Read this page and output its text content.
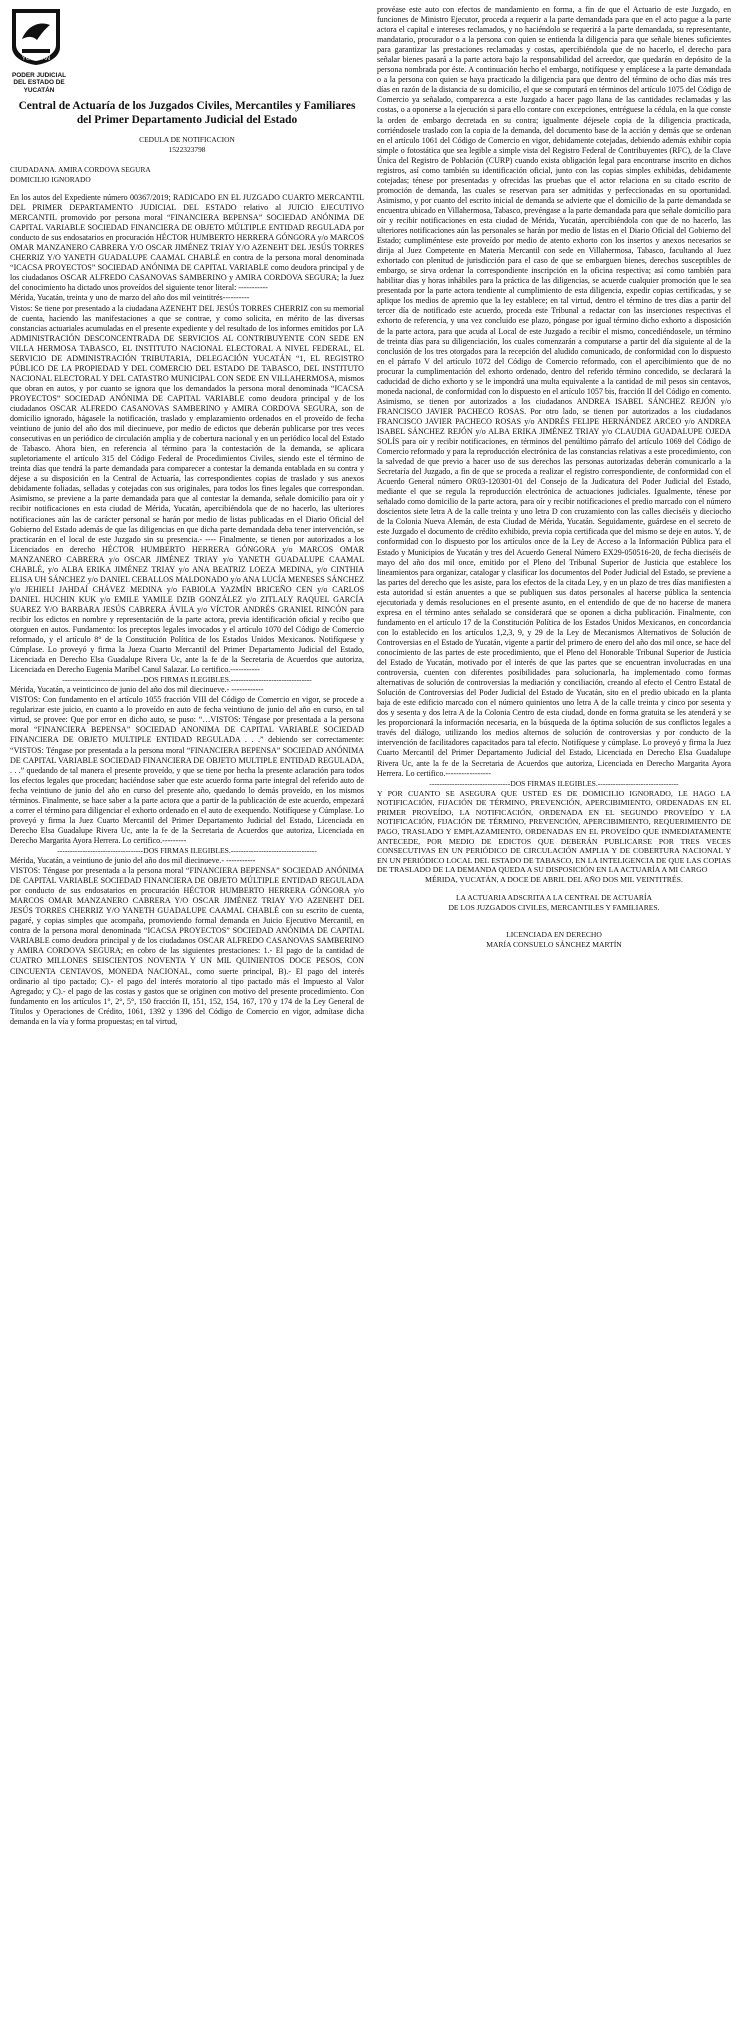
YUCATÁN
PODER JUDICIAL
DEL ESTADO DE
YUCATÁN
Central de Actuaría de los Juzgados Civiles, Mercantiles y Familiares del Primer Departamento Judicial del Estado
CEDULA DE NOTIFICACION
1522323798
CIUDADANA. AMIRA CORDOVA SEGURA
DOMICILIO IGNORADO

En los autos del Expediente número 00367/2019; RADICADO EN EL JUZGADO CUARTO MERCANTIL DEL PRIMER DEPARTAMENTO JUDICIAL DEL ESTADO relativo al JUICIO EJECUTIVO MERCANTIL promovido por persona moral “FINANCIERA BEPENSA” SOCIEDAD ANÓNIMA DE CAPITAL VARIABLE SOCIEDAD FINANCIERA DE OBJETO MÚLTIPLE ENTIDAD REGULADA por conducto de sus endosatarios en procuración HÉCTOR HUMBERTO HERRERA GÓNGORA y/o MARCOS OMAR MANZANERO CABRERA Y/O OSCAR JIMÉNEZ TRIAY Y/O AZENEHT DEL JESÚS TORRES CHERRIZ Y/O YANETH GUADALUPE CAAMAL CHABLÉ en contra de la persona moral denominada “ICACSA PROYECTOS” SOCIEDAD ANÓNIMA DE CAPITAL VARIABLE como deudora principal y de los ciudadanos OSCAR ALFREDO CASANOVAS SAMBERINO y AMIRA CORDOVA SEGURA; la Juez del conocimiento ha dictado unos proveídos del siguiente tenor literal: -----------

Mérida, Yucatán, treinta y uno de marzo del año dos mil veintitrés----------

Vistos: Se tiene por presentado a la ciudadana AZENEHT DEL JESÚS TORRES CHERRIZ con su memorial de cuenta, haciendo las manifestaciones a que se contrae, y como solicita, en mérito de las diversas constancias actuariales acumuladas en el presente expediente y del resultado de los informes emitidos por LA ADMINISTRACIÓN DESCONCENTRADA DE SERVICIOS AL CONTRIBUYENTE CON SEDE EN VILLA HERMOSA TABASCO, EL INSTITUTO NACIONAL ELECTORAL A NIVEL FEDERAL, EL SERVICIO DE ADMINISTRACIÓN TRIBUTARIA, DELEGACIÓN YUCATÁN “1, EL REGISTRO PÚBLICO DE LA PROPIEDAD Y DEL COMERCIO DEL ESTADO DE TABASCO, DEL INSTITUTO NACIONAL ELECTORAL Y DEL CATASTRO MUNICIPAL CON SEDE EN VILLAHERMOSA, mismos que obran en autos, y por cuanto se ignora que los demandados la persona moral denominada “ICACSA PROYECTOS” SOCIEDAD ANÓNIMA DE CAPITAL VARIABLE como deudora principal y de los ciudadanos OSCAR ALFREDO CASANOVAS SAMBERINO y AMIRA CORDOVA SEGURA, son de domicilio ignorado, hágasele la notificación, traslado y emplazamiento ordenados en el proveído de fecha veintiuno de junio del año dos mil diecinueve, por medio de edictos que deberán publicarse por tres veces consecutivas en un periódico de circulación amplia y de cobertura nacional y en un periódico local del Estado de Tabasco. Ahora bien, en referencia al término para la contestación de la demanda, se aplicara supletoriamente el artículo 315 del Código Federal de Procedimientos Civiles, siendo este el término de treinta días que tendrá la parte demandada para comparecer a contestar la demanda entablada en su contra y déjese a su disposición en la Central de Actuaría, las correspondientes copias de traslado y sus anexos debidamente foliadas, selladas y cotejadas con sus originales, para todos los fines legales que correspondan. Asimismo, se previene a la parte demandada para que al contestar la demanda, señale domicilio para oír y recibir notificaciones en esta ciudad de Mérida, Yucatán, apercibiéndola que de no hacerlo, las ulteriores notificaciones aún las de carácter personal se harán por medio de listas publicadas en el Diario Oficial del Gobierno del Estado además de que las diligencias en que dicha parte demandada deba tener intervención, se practicarán en el local de este Juzgado sin su presencia.- ---- Finalmente, se tienen por autorizados a los Licenciados en derecho HÉCTOR HUMBERTO HERRERA GÓNGORA y/o MARCOS OMAR MANZANERO CABRERA y/o OSCAR JIMÉNEZ TRIAY y/o YANETH GUADALUPE CAAMAL CHABLÉ, y/o ALBA ERIKA JIMÉNEZ TRIAY y/o ANA BEATRIZ LOEZA MEDINA, y/o CINTHIA ELISA UH SÁNCHEZ y/o DANIEL CEBALLOS MALDONADO y/o ANA LUCÍA MENESES SÁNCHEZ y/o JEHIELI JAHDAÍ CHÁVEZ MEDINA y/o FABIOLA YAZMÍN BRICEÑO CEN y/o CARLOS DANIEL HUCHIN KUK y/o EMILE YAMILE DZIB GONZÁLEZ y/o ZITLALY RAQUEL GARCÍA SUAREZ Y/O BARBARA JESÚS CABRERA ÁVILA y/o VÍCTOR ANDRÉS GRANIEL RINCÓN para recibir los edictos en nombre y representación de la parte actora, previa identificación oficial y recibo que otorguen en autos. Fundamento: los preceptos legales invocados y el artículo 1070 del Código de Comercio reformado, y el artículo 8° de la Constitución Política de los Estados Unidos Mexicanos. Notifíquese y Cúmplase. Lo proveyó y firma la Jueza Cuarto Mercantil del Primer Departamento Judicial del Estado, Licenciada en Derecho Elsa Guadalupe Rivera Uc, ante la fe de la Secretaria de Acuerdos que autoriza, Licenciada en Derecho Eugenia Maribel Canul Salazar. Lo certifico.-----------

--------------------------------DOS FIRMAS ILEGIBLES.--------------------------------

Mérida, Yucatán, a veinticinco de junio del año dos mil diecinueve.- ------------

VISTOS: Con fundamento en el artículo 1055 fracción VIII del Código de Comercio en vigor, se procede a regularizar este juicio, en cuanto a lo proveído en auto de fecha veintiuno de junio del año en curso, en tal virtud, se provee: Que por error en dicho auto, se puso: “…VISTOS: Téngase por presentada a la persona moral “FINANCIERA BEPENSA” SOCIEDAD ANONIMA DE CAPITAL VARIABLE SOCIEDAD FINANCIERA DE OBJETO MULTIPLE ENTIDAD REGULADA . . .” debiendo ser correctamente: “VISTOS: Téngase por presentada a la persona moral “FINANCIERA BEPENSA” SOCIEDAD ANÓNIMA DE CAPITAL VARIABLE SOCIEDAD FINANCIERA DE OBJETO MULTIPLE ENTIDAD REGULADA, . . .” quedando de tal manera el presente proveído, y que se tiene por hecha la presente aclaración para todos los efectos legales que procedan; haciéndose saber que este acuerdo forma parte integral del referido auto de fecha veintiuno de junio del año en curso del presente año, quedando lo demás proveído, en los mismos términos. Finalmente, se hace saber a la parte actora que a partir de la publicación de este acuerdo, empezará a correr el término para diligenciar el exhorto ordenado en el auto de exequendo. Notifíquese y Cúmplase. Lo proveyó y firma la Juez Cuarto Mercantil del Primer Departamento Judicial del Estado, Licenciada en Derecho Elsa Guadalupe Rivera Uc, ante la fe de la Secretaria de Acuerdos que autoriza, Licenciada en Derecho Margarita Ayora Herrera. Lo certifico.---------

----------------------------------DOS FIRMAS ILEGIBLES.----------------------------------

Mérida, Yucatán, a veintiuno de junio del año dos mil diecinueve.- -----------

VISTOS: Téngase por presentada a la persona moral “FINANCIERA BEPENSA” SOCIEDAD ANÓNIMA DE CAPITAL VARIABLE SOCIEDAD FINANCIERA DE OBJETO MÚLTIPLE ENTIDAD REGULADA por conducto de sus endosatarios en procuración HÉCTOR HUMBERTO HERRERA GÓNGORA y/o MARCOS OMAR MANZANERO CABRERA Y/O OSCAR JIMÉNEZ TRIAY Y/O AZENEHT DEL JESÚS TORRES CHERRIZ Y/O YANETH GUADALUPE CAAMAL CHABLÉ con su escrito de cuenta, pagaré, y copias simples que acompaña, promoviendo formal demanda en Juicio Ejecutivo Mercantil, en contra de la persona moral denominada “ICACSA PROYECTOS” SOCIEDAD ANÓNIMA DE CAPITAL VARIABLE como deudora principal y de los ciudadanos OSCAR ALFREDO CASANOVAS SAMBERINO y AMIRA CORDOVA SEGURA; en cobro de las siguientes prestaciones: 1.- El pago de la cantidad de CUATRO MILLONES SEISCIENTOS NOVENTA Y UN MIL QUINIENTOS DOCE PESOS, CON CINCUENTA CENTAVOS, MONEDA NACIONAL, como suerte principal, B).- El pago del interés ordinario al tipo pactado; C).- el pago del interés moratorio al tipo pactado más el Impuesto al Valor Agregado; y C).- el pago de las costas y gastos que se originen con motivo del presente procedimiento. Con fundamento en los artículos 1°, 2°, 5°, 150 fracción II, 151, 152, 154, 167, 170 y 174 de la Ley General de Títulos y Operaciones de Crédito, 1061, 1392 y 1396 del Código de Comercio en vigor, admítase dicha demanda en la vía y forma propuestas; en tal virtud,

provéase este auto con efectos de mandamiento en forma, a fin de que el Actuario de este Juzgado, en funciones de Ministro Ejecutor, proceda a requerir a la parte demandada para que en el acto pague a la parte actora el capital e intereses reclamados, y no haciéndolo se requerirá a la parte demandada, su representante, mandatario, procurador o a la persona con quien se entienda la diligencia para que señale bienes suficientes para garantizar las prestaciones reclamadas y costas, apercibiéndola que de no hacerlo, el derecho para señalar bienes pasará a la parte actora bajo la responsabilidad del acreedor, que quedarán en depósito de la persona nombrada por éste. A continuación hecho el embargo, notifíquese y emplácese a la parte demandada o a la persona con quien se haya practicado la diligencia para que dentro del término de ocho días más tres días en razón de la distancia de su domicilio, el que se computará en términos del artículo 1075 del Código de Comercio ya señalado, comparezca a este Juzgado a hacer pago llana de las cantidades reclamadas y las costas, o a oponerse a la ejecución si para ello contare con excepciones, entréguese la cédula, en la que conste la orden de embargo decretada en su contra; igualmente déjesele copia de la diligencia practicada, corriéndosele traslado con la copia de la demanda, del documento base de la acción y demás que se ordenan en el artículo 1061 del Código de Comercio en vigor, debidamente cotejadas, debiendo además exhibir copia simple o fotostática que sea legible a simple vista del Registro Federal de Contribuyentes (RFC), de la Clave Única del Registro de Población (CURP) cuando exista obligación legal para encontrarse inscrito en dichos registros, así como también su identificación oficial, junto con las copias simples exhibidas, debidamente cotejadas; ténese por presentadas y ofrecidas las pruebas que el actor relaciona en su citado escrito de promoción de demanda, las cuales se reservan para ser admitidas y perfeccionadas en su oportunidad. Asimismo, y por cuanto del escrito inicial de demanda se advierte que el domicilio de la parte demandada se encuentra ubicado en Villahermosa, Tabasco, prevéngase a la parte demandada para que señale domicilio para oír y recibir notificaciones en esta ciudad de Mérida, Yucatán, apercibiéndola con que de no hacerlo, las ulteriores notificaciones aún las personales se harán por medio de listas en el Diario Oficial del Gobierno del Estado; cumpliméntese este proveído por medio de atento exhorto con los insertos y anexos necesarios se dirija al Juez Competente en Materia Mercantil con sede en Villahermosa, Tabasco, facultando al Juez exhortado con plenitud de jurisdicción para el caso de que se embarguen bienes, derechos susceptibles de embargo, se sirva ordenar la correspondiente inscripción en la oficina respectiva; así como también para habilitar días y horas inhábiles para la práctica de las diligencias, se acuerde cualquier promoción que le sea presentada por la parte actora tendiente al cumplimiento de esta diligencia, expedir copias certificadas, y se aplique los medios de apremio que la ley establece; en tal virtud, dentro el término de tres días a partir del tercer día de notificado este acuerdo, proceda este Tribunal a redactar con las inserciones respectivas el exhorto de referencia, y una vez concluido ese plazo, póngase por igual término dicho exhorto a disposición de la parte actora, para que acuda al Local de este Juzgado a recibir el mismo, concediéndosele, un término de treinta días para su diligenciación, los cuales comenzarán a computarse a partir del día siguiente al de la conclusión de los tres otorgados para la recepción del aludido comunicado, de conformidad con lo dispuesto en el párrafo V del artículo 1072 del Código de Comercio reformado, con el apercibimiento que de no procurar la cumplimentación del exhorto ordenado, dentro del referido término concedido, se declarará la caducidad de dicho exhorto y se le impondrá una multa equivalente a la cantidad de mil pesos sin centavos, moneda nacional, de conformidad con lo dispuesto en el artículo 1057 bis, fracción II del Código en comento. Asimismo, se tienen por autorizados a los ciudadanos ANDREA ISABEL SÁNCHEZ REJÓN y/o FRANCISCO JAVIER PACHECO ROSAS. Por otro lado, se tienen por autorizados a los ciudadanos FRANCISCO JAVIER PACHECO ROSAS y/o ANDRÉS FELIPE HERNÁNDEZ ARCEO y/o ANDREA ISABEL SÁNCHEZ REJÓN y/o ALBA ERIKA JIMÉNEZ TRIAY y/o CLAUDIA GUADALUPE OJEDA SOLÍS para oír y recibir notificaciones, en términos del penúltimo párrafo del artículo 1069 del Código de Comercio reformado y para la reproducción electrónica de las constancias relativas a este procedimiento, con la salvedad de que previo a hacer uso de sus derechos las personas autorizadas deberán comunicarlo a la Secretaría del Juzgado, a fin de que se proceda a realizar el registro correspondiente, de conformidad con el Acuerdo General número OR03-120301-01 del Consejo de la Judicatura del Poder Judicial del Estado, mediante el que se regula la reproducción electrónica de actuaciones judiciales. Igualmente, ténese por señalado como domicilio de la parte actora, para oír y recibir notificaciones el predio marcado con el número doscientos siete letra A de la calle treinta y uno letra D con cruzamiento con las calles dieciséis y dieciocho de la Colonia Nueva Alemán, de esta Ciudad de Mérida, Yucatán. Seguidamente, guárdese en el secreto de este Juzgado el documento de crédito exhibido, previa copia certificada que del mismo se deje en autos. Y, de conformidad con lo dispuesto por los artículos once de la Ley de Acceso a la Información Pública para el Estado y Municipios de Yucatán y tres del Acuerdo General Número EX29-050516-20, de fecha dieciséis de mayo del año dos mil once, emitido por el Pleno del Tribunal Superior de Justicia que establece los lineamientos para organizar, catalogar y clasificar los documentos del Poder Judicial del Estado, se previene a las partes del derecho que les asiste, para los efectos de la citada Ley, y en un plazo de tres días manifiesten a esta autoridad sí están anuentes a que se publiquen sus datos personales al hacerse pública la sentencia ejecutoriada y demás resoluciones en el presente asunto, en el entendido de que de no hacerse de manera expresa en el término antes señalado se considerará que se oponen a dicha publicación. Finalmente, con fundamento en el artículo 17 de la Constitución Política de los Estados Unidos Mexicanos, en concordancia con lo establecido en los artículos 1,2,3, 9, y 29 de la Ley de Mecanismos Alternativos de Solución de Controversias en el Estado de Yucatán, vigente a partir del primero de enero del año dos mil once, se hace del conocimiento de las partes de este procedimiento, que el Pleno del Honorable Tribunal Superior de Justicia del Estado de Yucatán, motivado por el interés de que las partes que se encuentran involucradas en una controversia, cuenten con diferentes posibilidades para solucionarla, ha implementado como formas alternativas de solución de controversias la mediación y conciliación, creando al efecto el Centro Estatal de Solución de Controversias del Poder Judicial del Estado de Yucatán, sito en el predio ubicado en la planta baja de este edificio marcado con el número quinientos uno letra A de la calle treinta y cinco por sesenta y dos y sesenta y dos letra A de la Colonia Centro de esta ciudad, donde en forma gratuita se les atenderá y se les proporcionará la información necesaria, en la búsqueda de la óptima solución de sus conflictos legales a través del diálogo, utilizando los medios alternos de solución de controversias y por conducto de la intervención de facilitadores capacitados para tal efecto. Notifíquese y cúmplase. Lo proveyó y firma la Juez Cuarto Mercantil del Primer Departamento Judicial del Estado, Licenciada en Derecho Elsa Guadalupe Rivera Uc, ante la fe de la Secretaria de Acuerdos que autoriza, Licenciada en Derecho Margarita Ayora Herrera. Lo certifico.-----------------

--------------------------------DOS FIRMAS ILEGIBLES.--------------------------------

Y POR CUANTO SE ASEGURA QUE USTED ES DE DOMICILIO IGNORADO, LE HAGO LA NOTIFICACIÓN, FIJACIÓN DE TÉRMINO, PREVENCIÓN, APERCIBIMIENTO, ORDENADAS EN EL PRIMER PROVEÍDO, LA NOTIFICACIÓN, ORDENADA EN EL SEGUNDO PROVEÍDO Y LA NOTIFICACIÓN, FIJACIÓN DE TÉRMINO, PREVENCIÓN, APERCIBIMIENTO, REQUERIMIENTO DE PAGO, TRASLADO Y EMPLAZAMIENTO, ORDENADAS EN EL PROVEÍDO QUE INMEDIATAMENTE ANTECEDE, POR MEDIO DE EDICTOS QUE DEBERÁN PUBLICARSE POR TRES VECES CONSECUTIVAS EN UN PERIÓDICO DE CIRCULACIÓN AMPLIA Y DE COBERTURA NACIONAL Y EN UN PERIÓDICO LOCAL DEL ESTADO DE TABASCO, EN LA INTELIGENCIA DE QUE LAS COPIAS DE TRASLADO DE LA DEMANDA QUEDA A SU DISPOSICIÓN EN LA ACTUARÍA A MI CARGO

MÉRIDA, YUCATÁN, A DOCE DE ABRIL DEL AÑO DOS MIL VEINTITRÉS.

LA ACTUARIA ADSCRITA A LA CENTRAL DE ACTUARÍA
DE LOS JUZGADOS CIVILES, MERCANTILES Y FAMILIARES.
LICENCIADA EN DERECHO
MARÍA CONSUELO SÁNCHEZ MARTÍN
